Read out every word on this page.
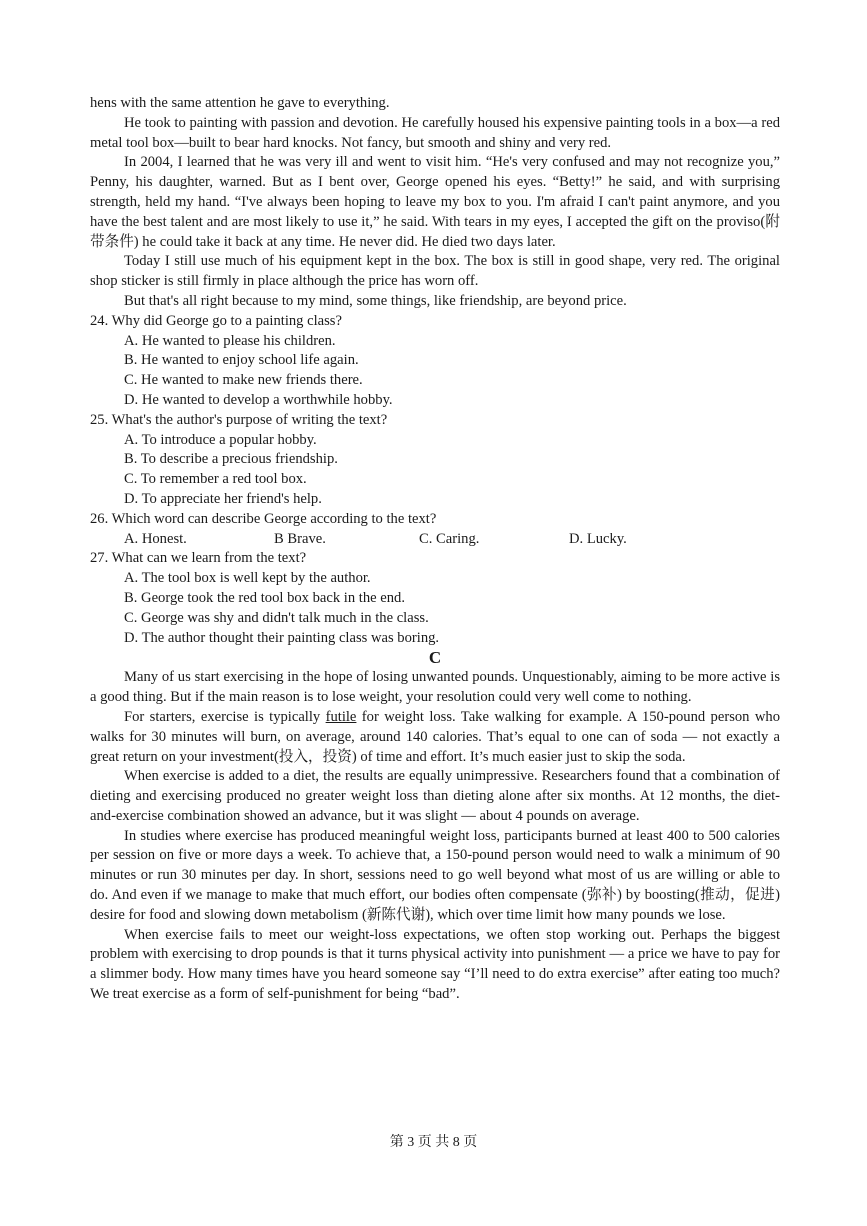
hens with the same attention he gave to everything.

He took to painting with passion and devotion. He carefully housed his expensive painting tools in a box—a red metal tool box—built to bear hard knocks. Not fancy, but smooth and shiny and very red.

In 2004, I learned that he was very ill and went to visit him. “He's very confused and may not recognize you,” Penny, his daughter, warned. But as I bent over, George opened his eyes. “Betty!” he said, and with surprising strength, held my hand. “I've always been hoping to leave my box to you. I'm afraid I can't paint anymore, and you have the best talent and are most likely to use it,” he said. With tears in my eyes, I accepted the gift on the proviso(附带条件) he could take it back at any time. He never did. He died two days later.

Today I still use much of his equipment kept in the box. The box is still in good shape, very red. The original shop sticker is still firmly in place although the price has worn off.

But that's all right because to my mind, some things, like friendship, are beyond price.

24. Why did George go to a painting class?

A. He wanted to please his children.

B. He wanted to enjoy school life again.

C. He wanted to make new friends there.

D. He wanted to develop a worthwhile hobby.

25. What's the author's purpose of writing the text?

A. To introduce a popular hobby.

B. To describe a precious friendship.

C. To remember a red tool box.

D. To appreciate her friend's help.

26. Which word can describe George according to the text?

A. Honest.	B Brave.	C. Caring.	D. Lucky.

27. What can we learn from the text?

A. The tool box is well kept by the author.

B. George took the red tool box back in the end.

C. George was shy and didn't talk much in the class.

D. The author thought their painting class was boring.

C

Many of us start exercising in the hope of losing unwanted pounds. Unquestionably, aiming to be more active is a good thing. But if the main reason is to lose weight, your resolution could very well come to nothing.

For starters, exercise is typically futile for weight loss. Take walking for example. A 150-pound person who walks for 30 minutes will burn, on average, around 140 calories. That’s equal to one can of soda — not exactly a great return on your investment(投入，投资) of time and effort. It’s much easier just to skip the soda.

When exercise is added to a diet, the results are equally unimpressive. Researchers found that a combination of dieting and exercising produced no greater weight loss than dieting alone after six months. At 12 months, the diet-and-exercise combination showed an advance, but it was slight — about 4 pounds on average.

In studies where exercise has produced meaningful weight loss, participants burned at least 400 to 500 calories per session on five or more days a week. To achieve that, a 150-pound person would need to walk a minimum of 90 minutes or run 30 minutes per day. In short, sessions need to go well beyond what most of us are willing or able to do. And even if we manage to make that much effort, our bodies often compensate (弥补) by boosting(推动，促进) desire for food and slowing down metabolism (新陈代谢), which over time limit how many pounds we lose.

When exercise fails to meet our weight-loss expectations, we often stop working out. Perhaps the biggest problem with exercising to drop pounds is that it turns physical activity into punishment — a price we have to pay for a slimmer body. How many times have you heard someone say “I’ll need to do extra exercise” after eating too much? We treat exercise as a form of self-punishment for being “bad”.

第 3 页 共 8 页
